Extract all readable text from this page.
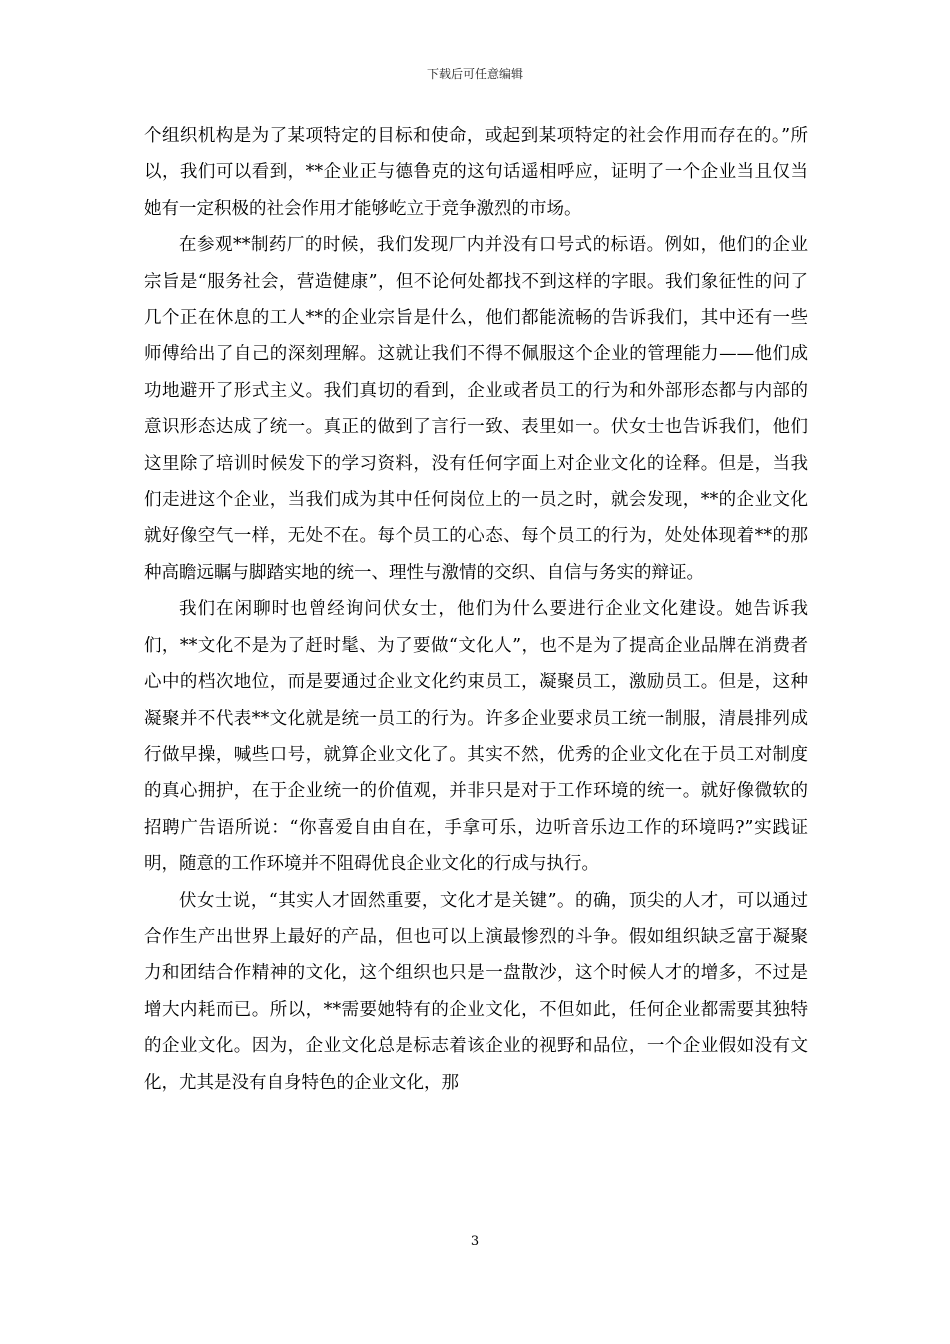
下载后可任意编辑

个组织机构是为了某项特定的目标和使命，或起到某项特定的社会作用而存在的。”所以，我们可以看到，**企业正与德鲁克的这句话遥相呼应，证明了一个企业当且仅当她有一定积极的社会作用才能够屹立于竞争激烈的市场。

在参观**制药厂的时候，我们发现厂内并没有口号式的标语。例如，他们的企业宗旨是“服务社会，营造健康”，但不论何处都找不到这样的字眼。我们象征性的问了几个正在休息的工人**的企业宗旨是什么，他们都能流畅的告诉我们，其中还有一些师傅给出了自己的深刻理解。这就让我们不得不佩服这个企业的管理能力——他们成功地避开了形式主义。我们真切的看到，企业或者员工的行为和外部形态都与内部的意识形态达成了统一。真正的做到了言行一致、表里如一。伏女士也告诉我们，他们这里除了培训时候发下的学习资料，没有任何字面上对企业文化的诠释。但是，当我们走进这个企业，当我们成为其中任何岗位上的一员之时，就会发现，**的企业文化就好像空气一样，无处不在。每个员工的心态、每个员工的行为，处处体现着**的那种高瞻远瞩与脚踏实地的统一、理性与激情的交织、自信与务实的辩证。

我们在闲聊时也曾经询问伏女士，他们为什么要进行企业文化建设。她告诉我们，**文化不是为了赶时髦、为了要做“文化人”，也不是为了提高企业品牌在消费者心中的档次地位，而是要通过企业文化约束员工，凝聚员工，激励员工。但是，这种凝聚并不代表**文化就是统一员工的行为。许多企业要求员工统一制服，清晨排列成行做早操，喊些口号，就算企业文化了。其实不然，优秀的企业文化在于员工对制度的真心拥护，在于企业统一的价值观，并非只是对于工作环境的统一。就好像微软的招聘广告语所说：“你喜爱自由自在，手拿可乐，边听音乐边工作的环境吗?”实践证明，随意的工作环境并不阻碍优良企业文化的行成与执行。

伏女士说，“其实人才固然重要，文化才是关键”。的确，顶尖的人才，可以通过合作生产出世界上最好的产品，但也可以上演最惨烈的斗争。假如组织缺乏富于凝聚力和团结合作精神的文化，这个组织也只是一盘散沙，这个时候人才的增多，不过是增大内耗而已。所以，**需要她特有的企业文化，不但如此，任何企业都需要其独特的企业文化。因为，企业文化总是标志着该企业的视野和品位，一个企业假如没有文化，尤其是没有自身特色的企业文化，那

3
